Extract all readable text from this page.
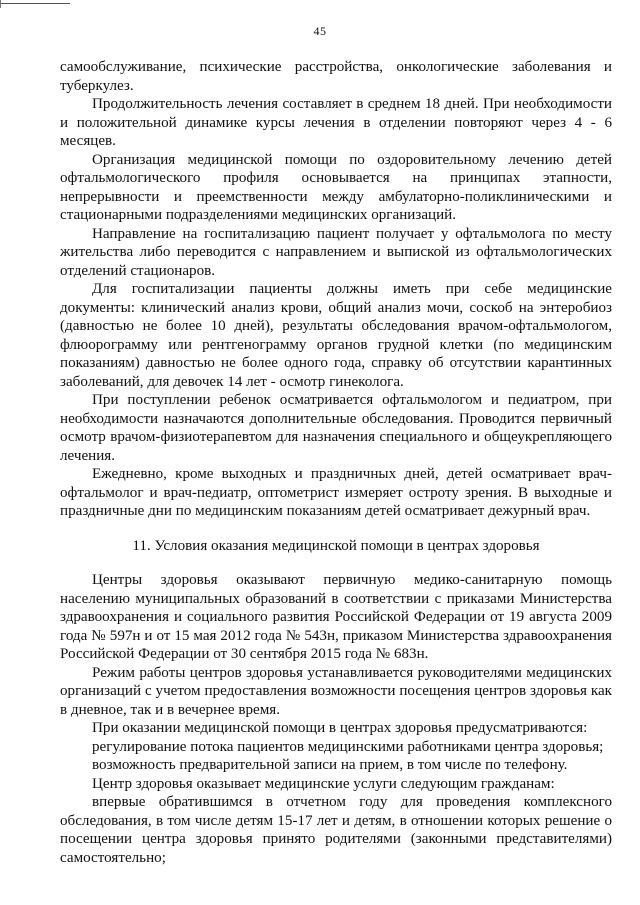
45

самообслуживание, психические расстройства, онкологические заболевания и туберкулез.

Продолжительность лечения составляет в среднем 18 дней. При необходимости и положительной динамике курсы лечения в отделении повторяют через 4 - 6 месяцев.

Организация медицинской помощи по оздоровительному лечению детей офтальмологического профиля основывается на принципах этапности, непрерывности и преемственности между амбулаторно-поликлиническими и стационарными подразделениями медицинских организаций.

Направление на госпитализацию пациент получает у офтальмолога по месту жительства либо переводится с направлением и выпиской из офтальмологических отделений стационаров.

Для госпитализации пациенты должны иметь при себе медицинские документы: клинический анализ крови, общий анализ мочи, соскоб на энтеробиоз (давностью не более 10 дней), результаты обследования врачом-офтальмологом, флюорограмму или рентгенограмму органов грудной клетки (по медицинским показаниям) давностью не более одного года, справку об отсутствии карантинных заболеваний, для девочек 14 лет - осмотр гинеколога.

При поступлении ребенок осматривается офтальмологом и педиатром, при необходимости назначаются дополнительные обследования. Проводится первичный осмотр врачом-физиотерапевтом для назначения специального и общеукрепляющего лечения.

Ежедневно, кроме выходных и праздничных дней, детей осматривает врач-офтальмолог и врач-педиатр, оптометрист измеряет остроту зрения. В выходные и праздничные дни по медицинским показаниям детей осматривает дежурный врач.

11. Условия оказания медицинской помощи в центрах здоровья

Центры здоровья оказывают первичную медико-санитарную помощь населению муниципальных образований в соответствии с приказами Министерства здравоохранения и социального развития Российской Федерации от 19 августа 2009 года № 597н и от 15 мая 2012 года № 543н, приказом Министерства здравоохранения Российской Федерации от 30 сентября 2015 года № 683н.

Режим работы центров здоровья устанавливается руководителями медицинских организаций с учетом предоставления возможности посещения центров здоровья как в дневное, так и в вечернее время.

При оказании медицинской помощи в центрах здоровья предусматриваются:

регулирование потока пациентов медицинскими работниками центра здоровья;

возможность предварительной записи на прием, в том числе по телефону.

Центр здоровья оказывает медицинские услуги следующим гражданам:

впервые обратившимся в отчетном году для проведения комплексного обследования, в том числе детям 15-17 лет и детям, в отношении которых решение о посещении центра здоровья принято родителями (законными представителями) самостоятельно;
